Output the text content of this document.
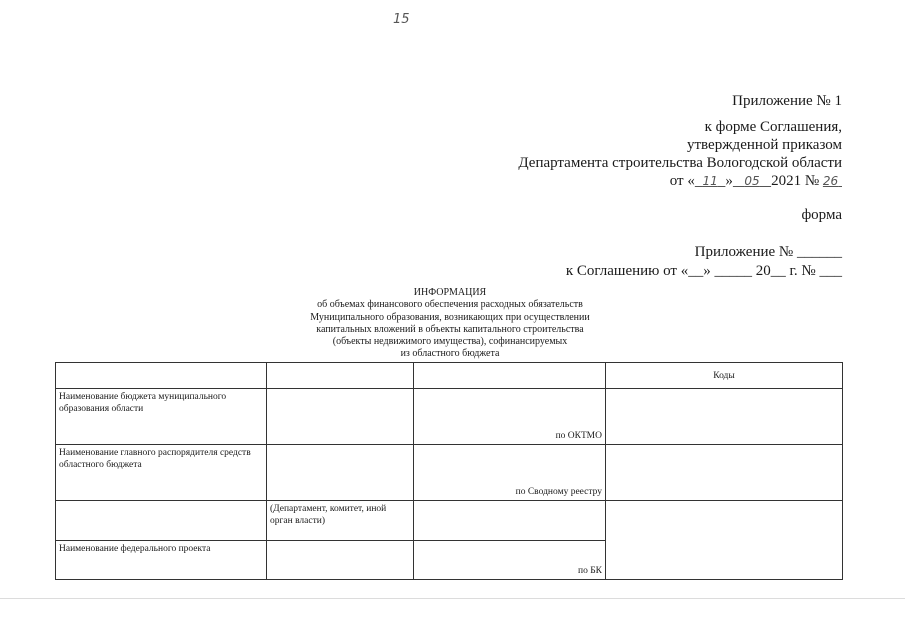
15
Приложение № 1
к форме Соглашения,
утвержденной приказом
Департамента строительства Вологодской области
от « 11 » 05 2021 № 26
форма
Приложение № ______
к Соглашению от «__» _____ 20__ г. № ___
ИНФОРМАЦИЯ
об объемах финансового обеспечения расходных обязательств
Муниципального образования, возникающих при осуществлении
капитальных вложений в объекты капитального строительства
(объекты недвижимого имущества), софинансируемых
из областного бюджета
			Коды
Наименование бюджета муниципального образования области		по ОКТМО	
Наименование главного распорядителя средств областного бюджета		по Сводному реестру	
	(Департамент, комитет, иной орган власти)		
Наименование федерального проекта		по БК	
